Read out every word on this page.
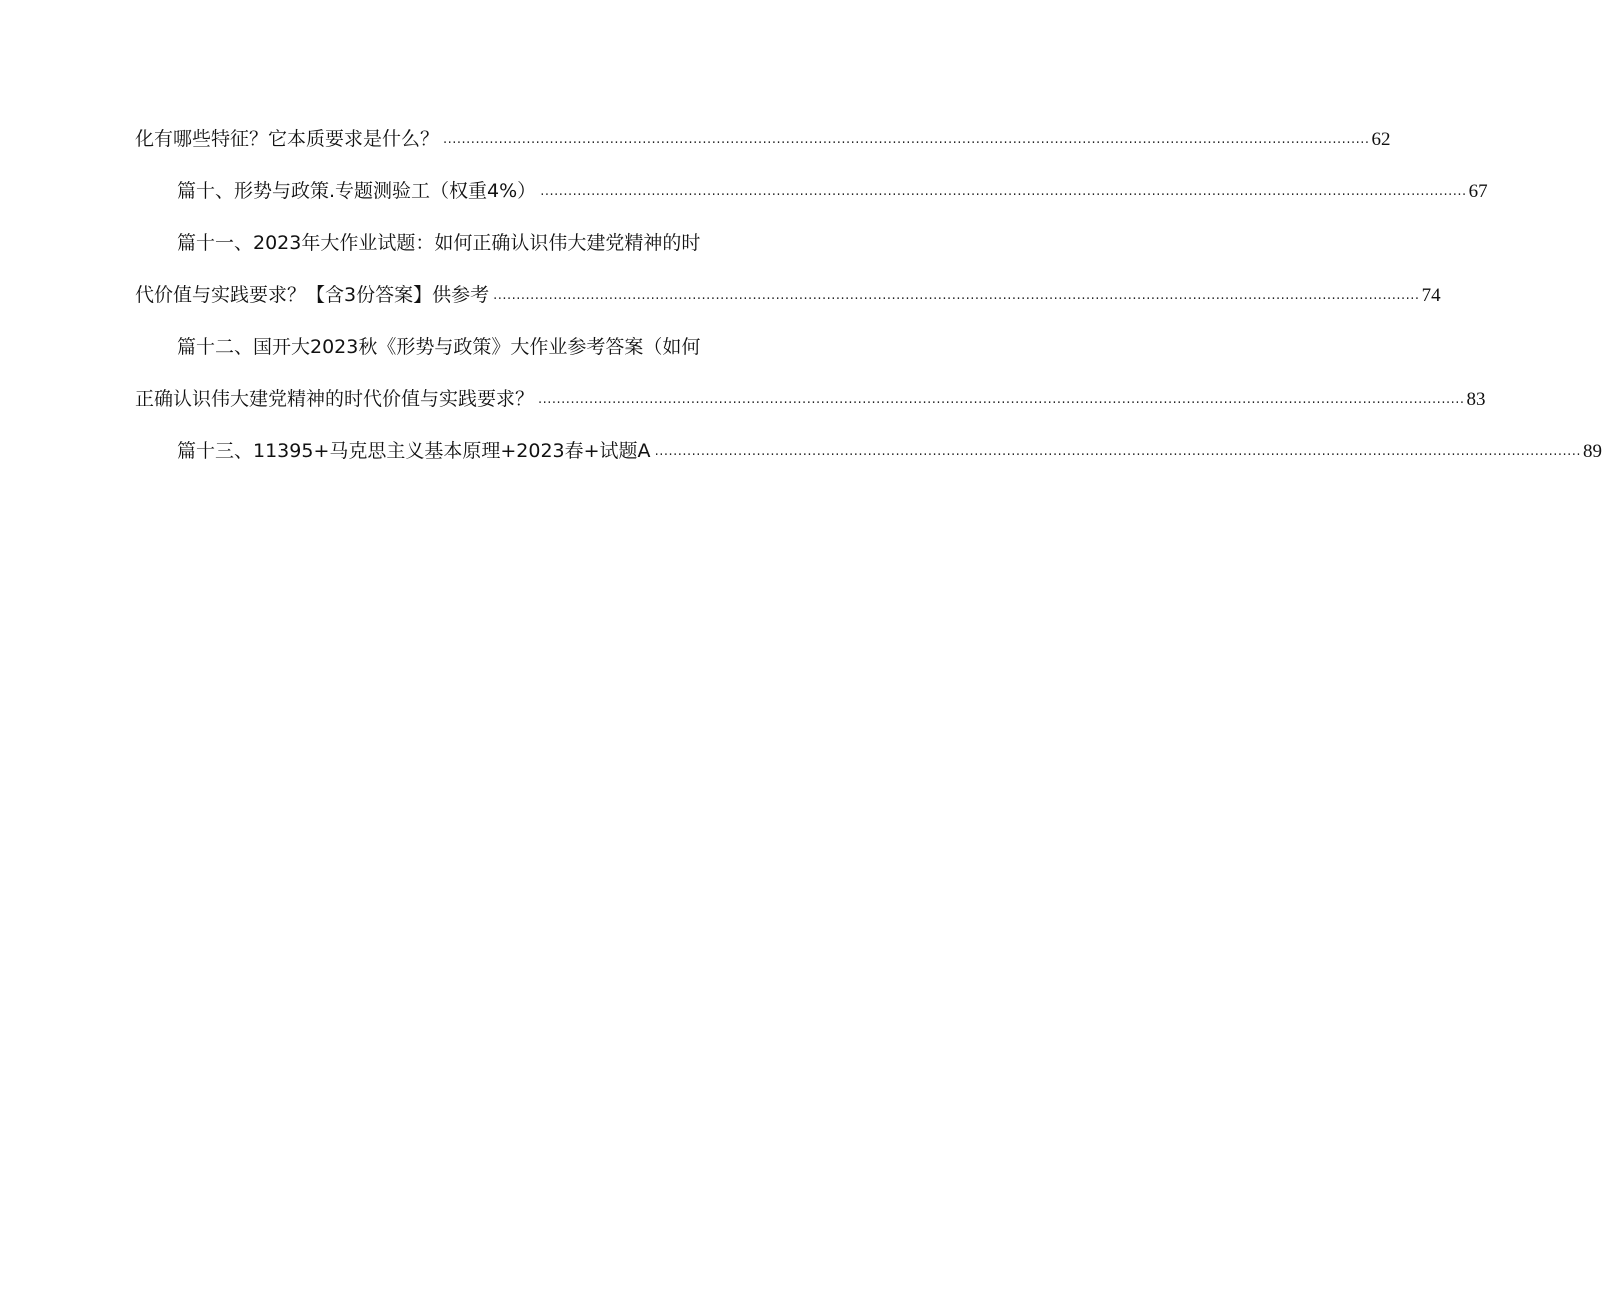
化有哪些特征？它本质要求是什么？ ........................................................................................................................................................................................................ 62
篇十、形势与政策.专题测验工（权重4%） ........................................................................................................................................................................................................ 67
篇十一、2023年大作业试题：如何正确认识伟大建党精神的时
代价值与实践要求？【含3份答案】供参考 ........................................................................................................................................................................................................ 74
篇十二、国开大2023秋《形势与政策》大作业参考答案（如何
正确认识伟大建党精神的时代价值与实践要求？ ........................................................................................................................................................................................................ 83
篇十三、11395+马克思主义基本原理+2023春+试题A ........................................................................................................................................................................................................ 89
